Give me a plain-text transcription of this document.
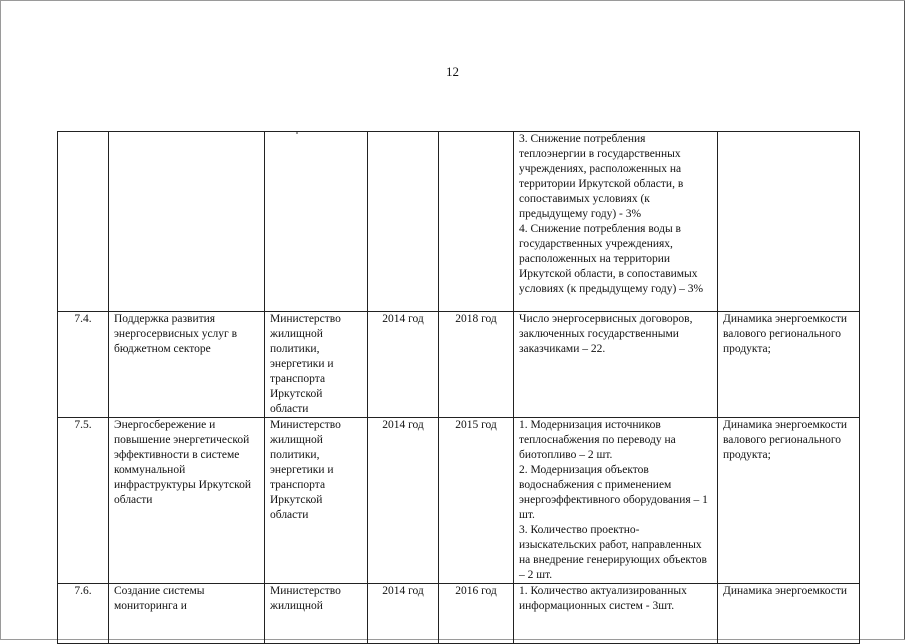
12
					3. Снижение потребления теплоэнергии в государственных учреждениях, расположенных на территории Иркутской области, в сопоставимых условиях (к предыдущему году) - 3%
4. Снижение потребления воды в государственных учреждениях, расположенных на территории Иркутской области, в сопоставимых условиях (к предыдущему году) – 3%	
7.4.	Поддержка развития энергосервисных услуг в бюджетном секторе	Министерство жилищной политики, энергетики и транспорта Иркутской области	2014 год	2018 год	Число энергосервисных договоров, заключенных государственными заказчиками – 22.	Динамика энергоемкости валового регионального продукта;
7.5.	Энергосбережение и повышение энергетической эффективности в системе коммунальной инфраструктуры Иркутской области	Министерство жилищной политики, энергетики и транспорта Иркутской области	2014 год	2015 год	1. Модернизация источников теплоснабжения по переводу на биотопливо – 2 шт.
2. Модернизация объектов водоснабжения с применением энергоэффективного оборудования – 1 шт.
3. Количество проектно-изыскательских работ, направленных на внедрение генерирующих объектов – 2 шт.	Динамика энергоемкости валового регионального продукта;
7.6.	Создание системы мониторинга и	Министерство жилищной	2014 год	2016 год	1. Количество актуализированных информационных систем - 3шт.	Динамика энергоемкости
